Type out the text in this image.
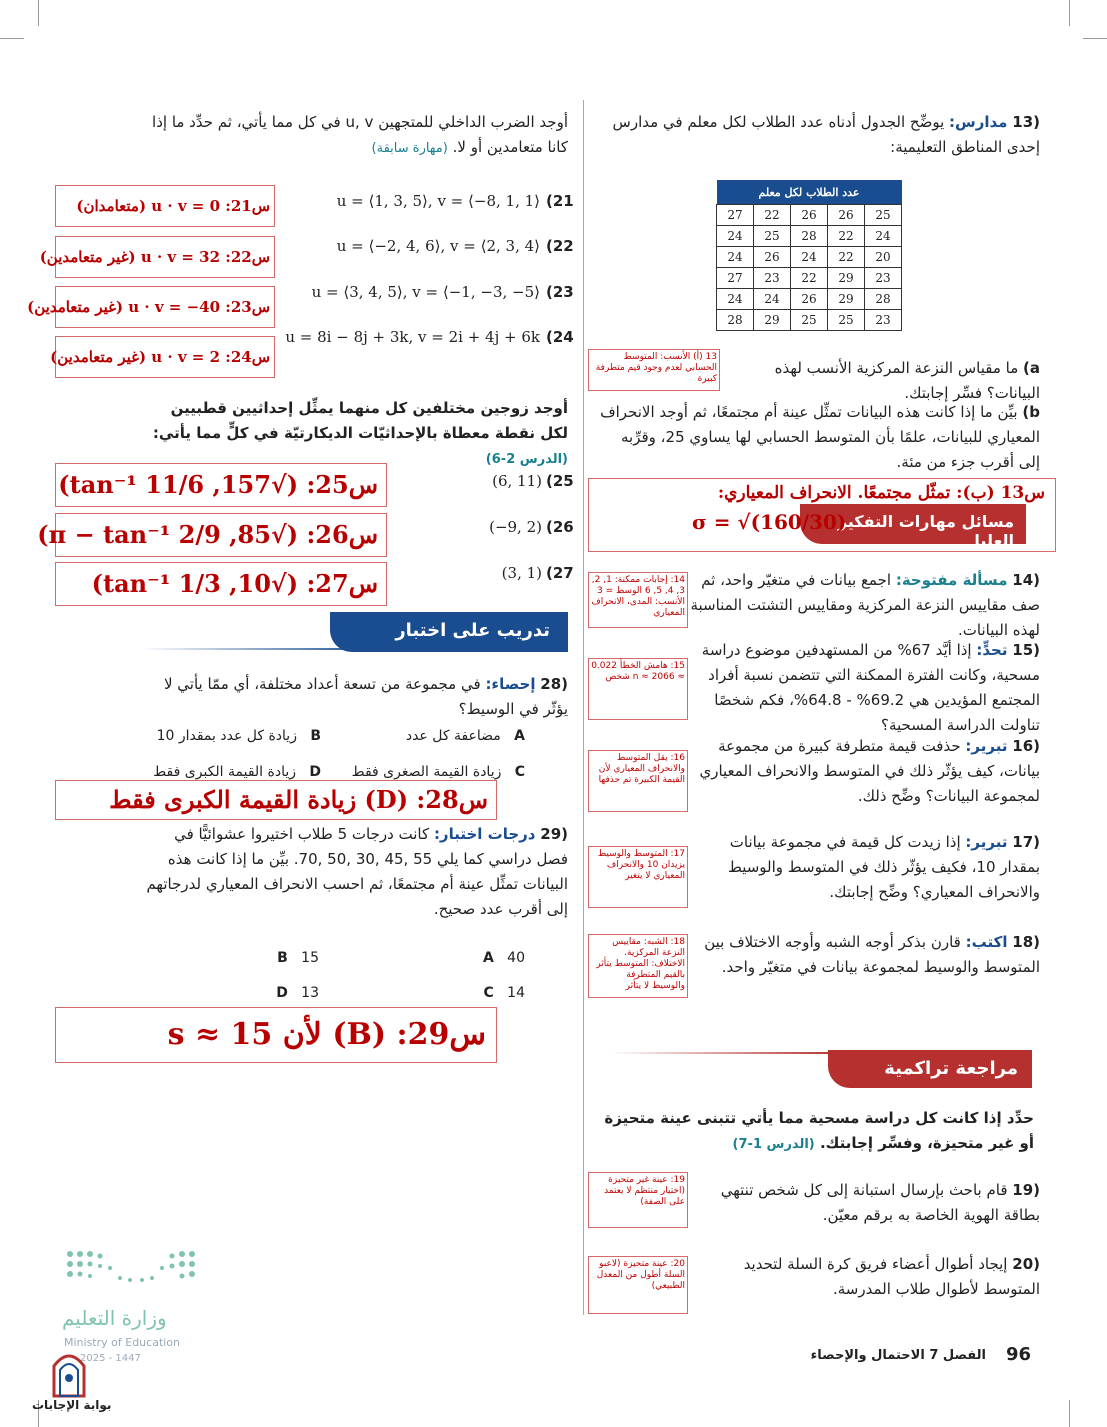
(13 مدارس: يوضِّح الجدول أدناه عدد الطلاب لكل معلم في مدارس إحدى المناطق التعليمية:
عدد الطلاب لكل معلم				
27	22	26	26	25
24	25	28	22	24
24	26	24	22	20
27	23	22	29	23
24	24	26	29	28
28	29	25	25	23
13 (أ) الأنسب: المتوسط الحسابي لعدم وجود قيم متطرفة كبيرة
a) ما مقياس النزعة المركزية الأنسب لهذه البيانات؟ فسِّر إجابتك.
b) بيِّن ما إذا كانت هذه البيانات تمثِّل عينة أم مجتمعًا، ثم أوجد الانحراف المعياري للبيانات، علمًا بأن المتوسط الحسابي لها يساوي 25، وقرِّبه إلى أقرب جزء من مئة.
س13 (ب): تمثّل مجتمعًا. الانحراف المعياري:
مسائل مهارات التفكير العليا
σ = √(160/30)
(14 مسألة مفتوحة: اجمع بيانات في متغيّر واحد، ثم صف مقاييس النزعة المركزية ومقاييس التشتت المناسبة لهذه البيانات.
14: إجابات ممكنة: 1, 2, 3, 4, 5, 6 الوسط = 3 الأنسب: المدى، الانحراف المعياري
(15 تحدٍّ: إذا أيَّد 67% من المستهدفين موضوع دراسة مسحية، وكانت الفترة الممكنة التي تتضمن نسبة أفراد المجتمع المؤيدين هي 69.2% - 64.8%، فكم شخصًا تناولت الدراسة المسحية؟
15: هامش الخطأ 0.022 ≈ n ≈ 2066 شخص
(16 تبرير: حذفت قيمة متطرفة كبيرة من مجموعة بيانات، كيف يؤثّر ذلك في المتوسط والانحراف المعياري لمجموعة البيانات؟ وضِّح ذلك.
16: يقل المتوسط والانحراف المعياري لأن القيمة الكبيرة تم حذفها
(17 تبرير: إذا زيدت كل قيمة في مجموعة بيانات بمقدار 10، فكيف يؤثّر ذلك في المتوسط والوسيط والانحراف المعياري؟ وضِّح إجابتك.
17: المتوسط والوسيط يزيدان 10 والانحراف المعياري لا يتغير
(18 اكتب: قارن بذكر أوجه الشبه وأوجه الاختلاف بين المتوسط والوسيط لمجموعة بيانات في متغيّر واحد.
18: الشبه: مقاييس النزعة المركزية. الاختلاف: المتوسط يتأثر بالقيم المتطرفة والوسيط لا يتأثر
مراجعة تراكمية
حدِّد إذا كانت كل دراسة مسحية مما يأتي تتبنى عينة متحيزة أو غير متحيزة، وفسِّر إجابتك. (الدرس 1-7)
(19 قام باحث بإرسال استبانة إلى كل شخص تنتهي بطاقة الهوية الخاصة به برقم معيّن.
19: عينة غير متحيزة (اختيار منتظم لا يعتمد على الصفة)
(20 إيجاد أطوال أعضاء فريق كرة السلة لتحديد المتوسط لأطوال طلاب المدرسة.
20: عينة متحيزة (لاعبو السلة أطول من المعدل الطبيعي)
96
الفصل 7 الاحتمال والإحصاء
أوجد الضرب الداخلي للمتجهين u, v في كل مما يأتي، ثم حدِّد ما إذا كانا متعامدين أو لا. (مهارة سابقة)
u = ⟨1, 3, 5⟩, v = ⟨−8, 1, 1⟩ (21
س21: u · v = 0 (متعامدان)
u = ⟨−2, 4, 6⟩, v = ⟨2, 3, 4⟩ (22
س22: u · v = 32 (غير متعامدين)
u = ⟨3, 4, 5⟩, v = ⟨−1, −3, −5⟩ (23
س23: u · v = −40 (غير متعامدين)
u = 8i − 8j + 3k, v = 2i + 4j + 6k (24
س24: u · v = 2 (غير متعامدين)
أوجد زوجين مختلفين كل منهما يمثِّل إحداثيين قطبيين لكل نقطة معطاة بالإحداثيّات الديكارتيّة في كلٍّ مما يأتي: (الدرس 2-6)
(6, 11) (25
س25: (√157, tan⁻¹ 11/6)
(−9, 2) (26
س26: (√85, π − tan⁻¹ 2/9)
(3, 1) (27
س27: (√10, tan⁻¹ 1/3)
تدريب على اختبار
(28 إحصاء: في مجموعة من تسعة أعداد مختلفة، أي ممّا يأتي لا يؤثّر في الوسيط؟
A   مضاعفة كل عدد
B   زيادة كل عدد بمقدار 10
C   زيادة القيمة الصغرى فقط
D   زيادة القيمة الكبرى فقط
س28: (D) زيادة القيمة الكبرى فقط
(29 درجات اختبار: كانت درجات 5 طلاب اختيروا عشوائيًّا في فصل دراسي كما يلي 55 ,45 ,30 ,50 ,70. بيِّن ما إذا كانت هذه البيانات تمثِّل عينة أم مجتمعًا، ثم احسب الانحراف المعياري لدرجاتهم إلى أقرب عدد صحيح.
A 40
B 15
C 14
D 13
س29: (B) لأن s ≈ 15
وزارة التعليم
Ministry of Education
2025 - 1447
بوابة الإجابات
